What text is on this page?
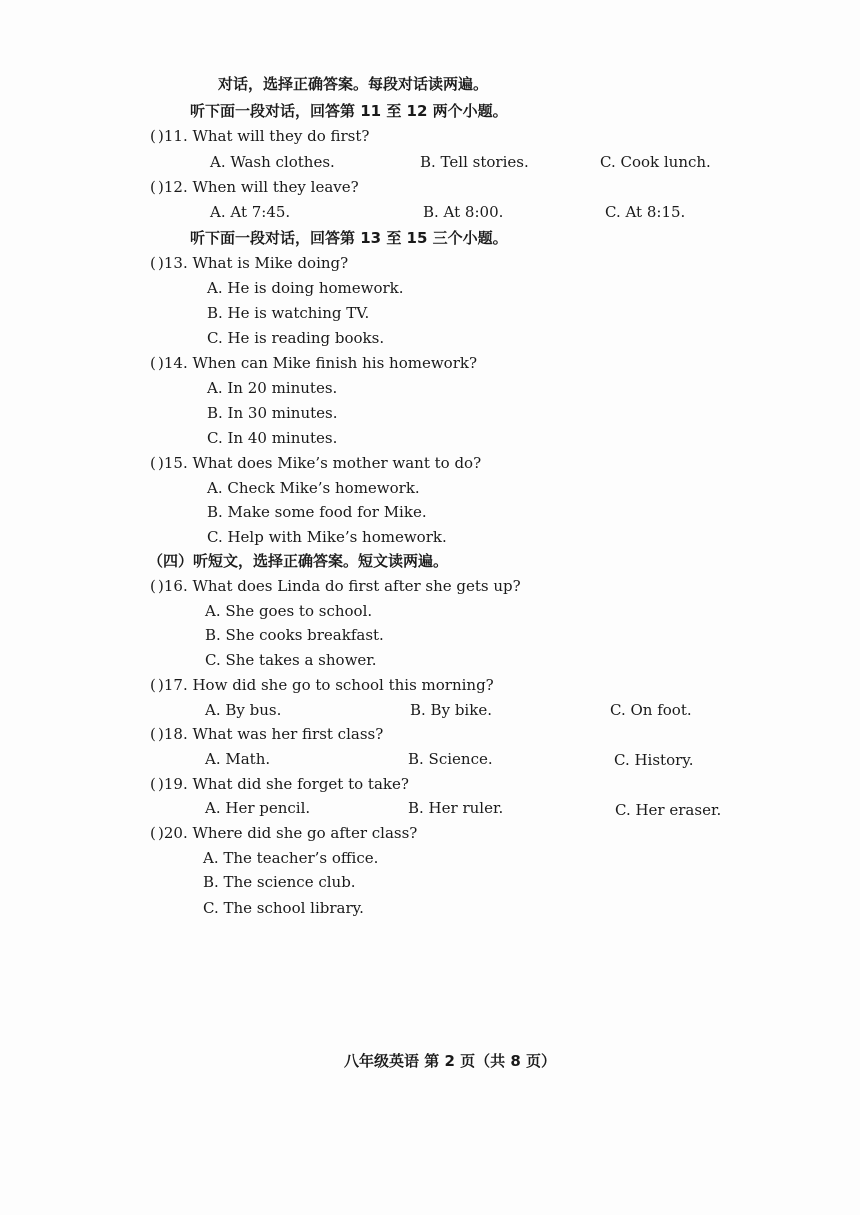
对话，选择正确答案。每段对话读两遍。
听下面一段对话，回答第 11 至 12 两个小题。
( )11. What will they do first?
A. Wash clothes.	B. Tell stories.	C. Cook lunch.
( )12. When will they leave?
A. At 7:45.	B. At 8:00.	C. At 8:15.
听下面一段对话，回答第 13 至 15 三个小题。
( )13. What is Mike doing?
A. He is doing homework.
B. He is watching TV.
C. He is reading books.
( )14. When can Mike finish his homework?
A. In 20 minutes.
B. In 30 minutes.
C. In 40 minutes.
( )15. What does Mike’s mother want to do?
A. Check Mike’s homework.
B. Make some food for Mike.
C. Help with Mike’s homework.
（四）听短文，选择正确答案。短文读两遍。
( )16. What does Linda do first after she gets up?
A. She goes to school.
B. She cooks breakfast.
C. She takes a shower.
( )17. How did she go to school this morning?
A. By bus.	B. By bike.	C. On foot.
( )18. What was her first class?
A. Math.	B. Science.	C. History.
( )19. What did she forget to take?
A. Her pencil.	B. Her ruler.	C. Her eraser.
( )20. Where did she go after class?
A. The teacher’s office.
B. The science club.
C. The school library.
八年级英语 第 2 页（共 8 页）
